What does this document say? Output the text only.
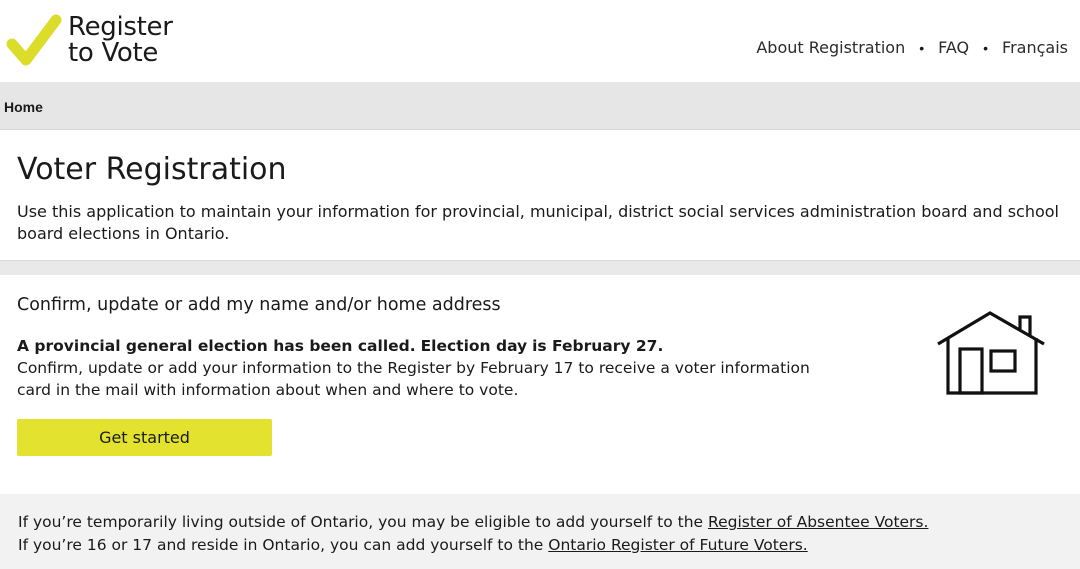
Register
to Vote	About Registration • FAQ • Français
Home
Voter Registration

Use this application to maintain your information for provincial, municipal, district social services administration board and school board elections in Ontario.

Confirm, update or add my name and/or home address

A provincial general election has been called. Election day is February 27.
Confirm, update or add your information to the Register by February 17 to receive a voter information card in the mail with information about when and where to vote.

Get started
If you’re temporarily living outside of Ontario, you may be eligible to add yourself to the Register of Absentee Voters.
If you’re 16 or 17 and reside in Ontario, you can add yourself to the Ontario Register of Future Voters.
